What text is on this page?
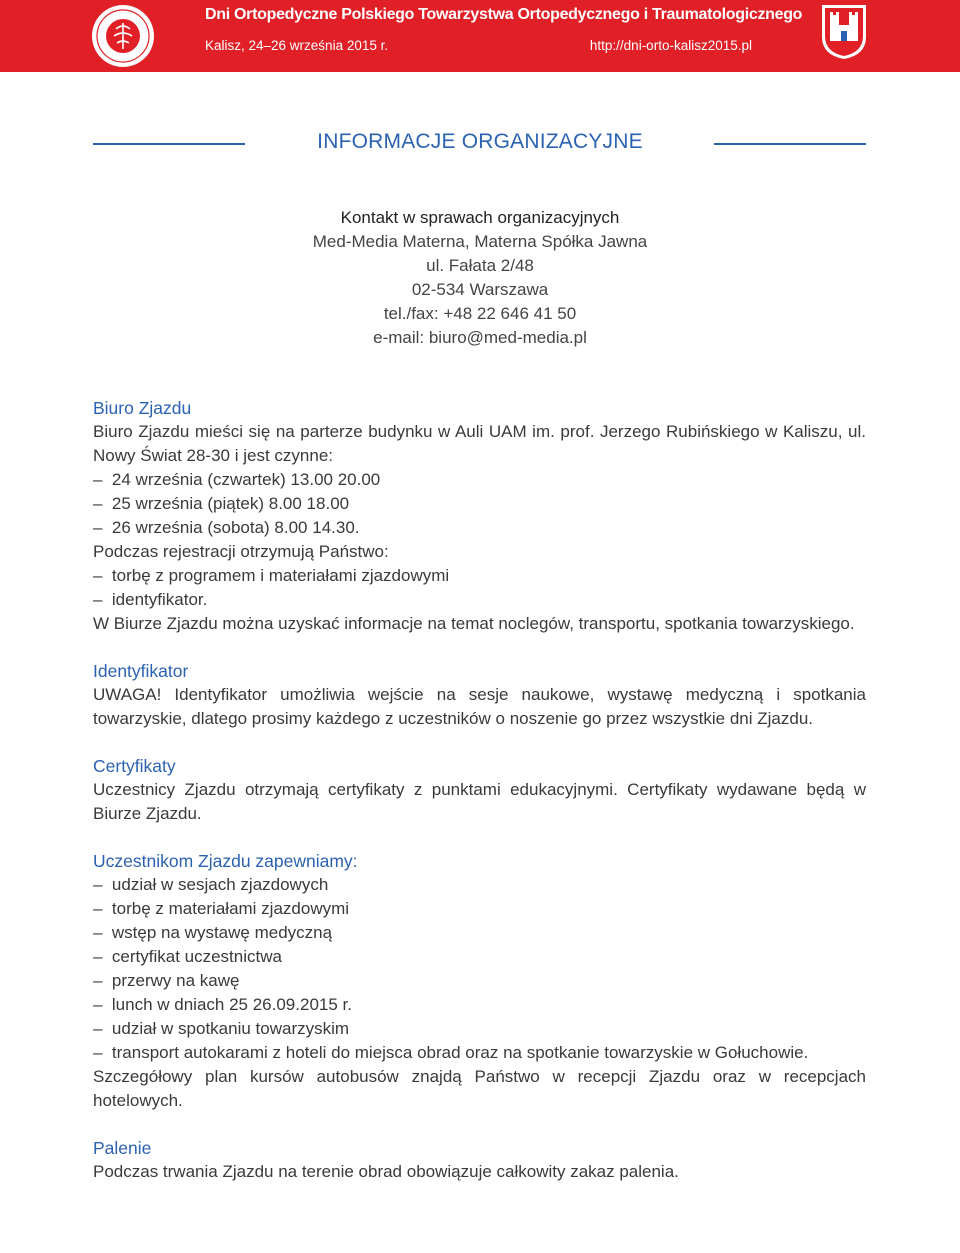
Dni Ortopedyczne Polskiego Towarzystwa Ortopedycznego i Traumatologicznego
Kalisz, 24–26 września 2015 r.	http://dni-orto-kalisz2015.pl
INFORMACJE ORGANIZACYJNE
Kontakt w sprawach organizacyjnych
Med-Media Materna, Materna Spółka Jawna
ul. Fałata 2/48
02-534 Warszawa
tel./fax: +48 22 646 41 50
e-mail: biuro@med-media.pl

Biuro Zjazdu

Biuro Zjazdu mieści się na parterze budynku w Auli UAM im. prof. Jerzego Rubińskiego w Kaliszu, ul. Nowy Świat 28-30 i jest czynne:

–  24 września (czwartek) 13.00 20.00

–  25 września (piątek) 8.00 18.00

–  26 września (sobota) 8.00 14.30.

Podczas rejestracji otrzymują Państwo:

–  torbę z programem i materiałami zjazdowymi

–  identyfikator.

W Biurze Zjazdu można uzyskać informacje na temat noclegów, transportu, spotkania towarzyskiego.

Identyfikator

UWAGA! Identyfikator umożliwia wejście na sesje naukowe, wystawę medyczną i spotkania towarzyskie, dlatego prosimy każdego z uczestników o noszenie go przez wszystkie dni Zjazdu.

Certyfikaty

Uczestnicy Zjazdu otrzymają certyfikaty z punktami edukacyjnymi. Certyfikaty wydawane będą w Biurze Zjazdu.

Uczestnikom Zjazdu zapewniamy:

–  udział w sesjach zjazdowych

–  torbę z materiałami zjazdowymi

–  wstęp na wystawę medyczną

–  certyfikat uczestnictwa

–  przerwy na kawę

–  lunch w dniach 25 26.09.2015 r.

–  udział w spotkaniu towarzyskim

–  transport autokarami z hoteli do miejsca obrad oraz na spotkanie towarzyskie w Gołuchowie.

Szczegółowy plan kursów autobusów znajdą Państwo w recepcji Zjazdu oraz w recepcjach hotelowych.

Palenie

Podczas trwania Zjazdu na terenie obrad obowiązuje całkowity zakaz palenia.
